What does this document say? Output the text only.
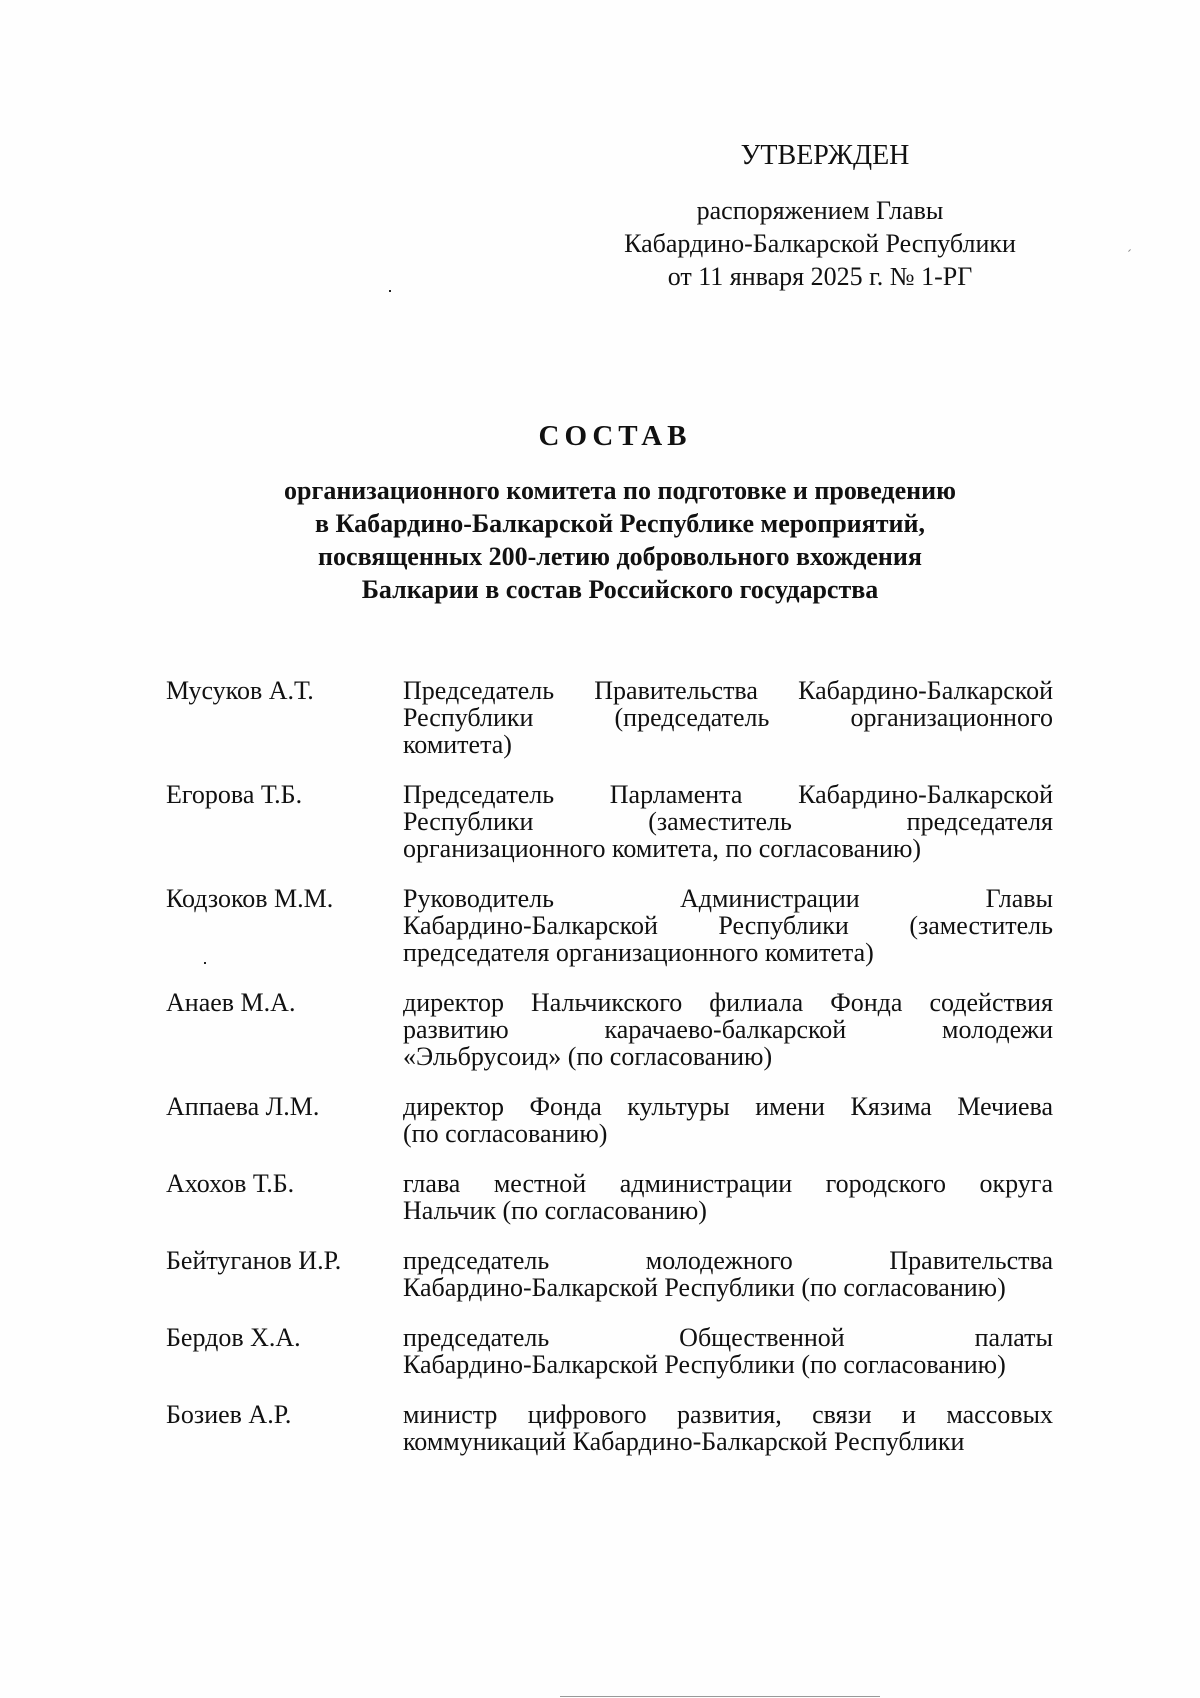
УТВЕРЖДЕН
распоряжением Главы
Кабардино-Балкарской Республики
от 11 января 2025 г. № 1-РГ
СОСТАВ
организационного комитета по подготовке и проведению
в Кабардино-Балкарской Республике мероприятий,
посвященных 200-летию добровольного вхождения
Балкарии в состав Российского государства
Мусуков А.Т.	Председатель Правительства Кабардино-Балкарской
Республики (председатель организационного
комитета)
Егорова Т.Б.	Председатель Парламента Кабардино-Балкарской
Республики (заместитель председателя
организационного комитета, по согласованию)
Кодзоков М.М.	Руководитель Администрации Главы
Кабардино-Балкарской Республики (заместитель
председателя организационного комитета)
Анаев М.А.	директор Нальчикского филиала Фонда содействия
развитию карачаево-балкарской молодежи
«Эльбрусоид» (по согласованию)
Аппаева Л.М.	директор Фонда культуры имени Кязима Мечиева
(по согласованию)
Ахохов Т.Б.	глава местной администрации городского округа
Нальчик (по согласованию)
Бейтуганов И.Р.	председатель молодежного Правительства
Кабардино-Балкарской Республики (по согласованию)
Бердов Х.А.	председатель Общественной палаты
Кабардино-Балкарской Республики (по согласованию)
Бозиев А.Р.	министр цифрового развития, связи и массовых
коммуникаций Кабардино-Балкарской Республики
